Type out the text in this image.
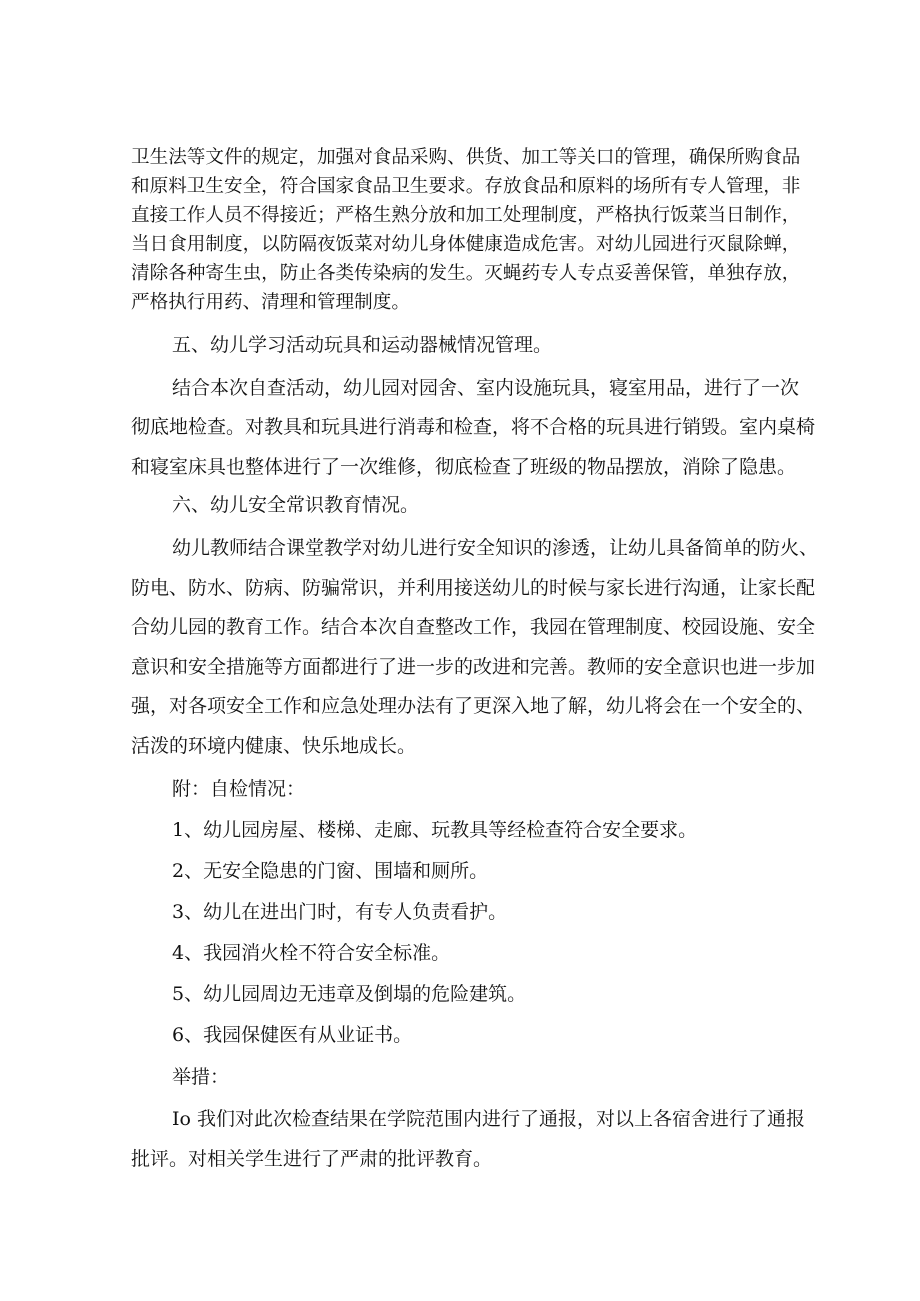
卫生法等文件的规定，加强对食品采购、供货、加工等关口的管理，确保所购食品
和原料卫生安全，符合国家食品卫生要求。存放食品和原料的场所有专人管理，非
直接工作人员不得接近；严格生熟分放和加工处理制度，严格执行饭菜当日制作，
当日食用制度，以防隔夜饭菜对幼儿身体健康造成危害。对幼儿园进行灭鼠除蝉，
清除各种寄生虫，防止各类传染病的发生。灭蝇药专人专点妥善保管，单独存放，
严格执行用药、清理和管理制度。
五、幼儿学习活动玩具和运动器械情况管理。
结合本次自查活动，幼儿园对园舍、室内设施玩具，寝室用品，进行了一次
彻底地检查。对教具和玩具进行消毒和检查，将不合格的玩具进行销毁。室内桌椅
和寝室床具也整体进行了一次维修，彻底检查了班级的物品摆放，消除了隐患。
六、幼儿安全常识教育情况。
幼儿教师结合课堂教学对幼儿进行安全知识的渗透，让幼儿具备简单的防火、
防电、防水、防病、防骗常识，并利用接送幼儿的时候与家长进行沟通，让家长配
合幼儿园的教育工作。结合本次自查整改工作，我园在管理制度、校园设施、安全
意识和安全措施等方面都进行了进一步的改进和完善。教师的安全意识也进一步加
强，对各项安全工作和应急处理办法有了更深入地了解，幼儿将会在一个安全的、
活泼的环境内健康、快乐地成长。
附：自检情况：
1、幼儿园房屋、楼梯、走廊、玩教具等经检查符合安全要求。
2、无安全隐患的门窗、围墙和厕所。
3、幼儿在进出门时，有专人负责看护。
4、我园消火栓不符合安全标准。
5、幼儿园周边无违章及倒塌的危险建筑。
6、我园保健医有从业证书。
举措：
Io 我们对此次检查结果在学院范围内进行了通报，对以上各宿舍进行了通报
批评。对相关学生进行了严肃的批评教育。
